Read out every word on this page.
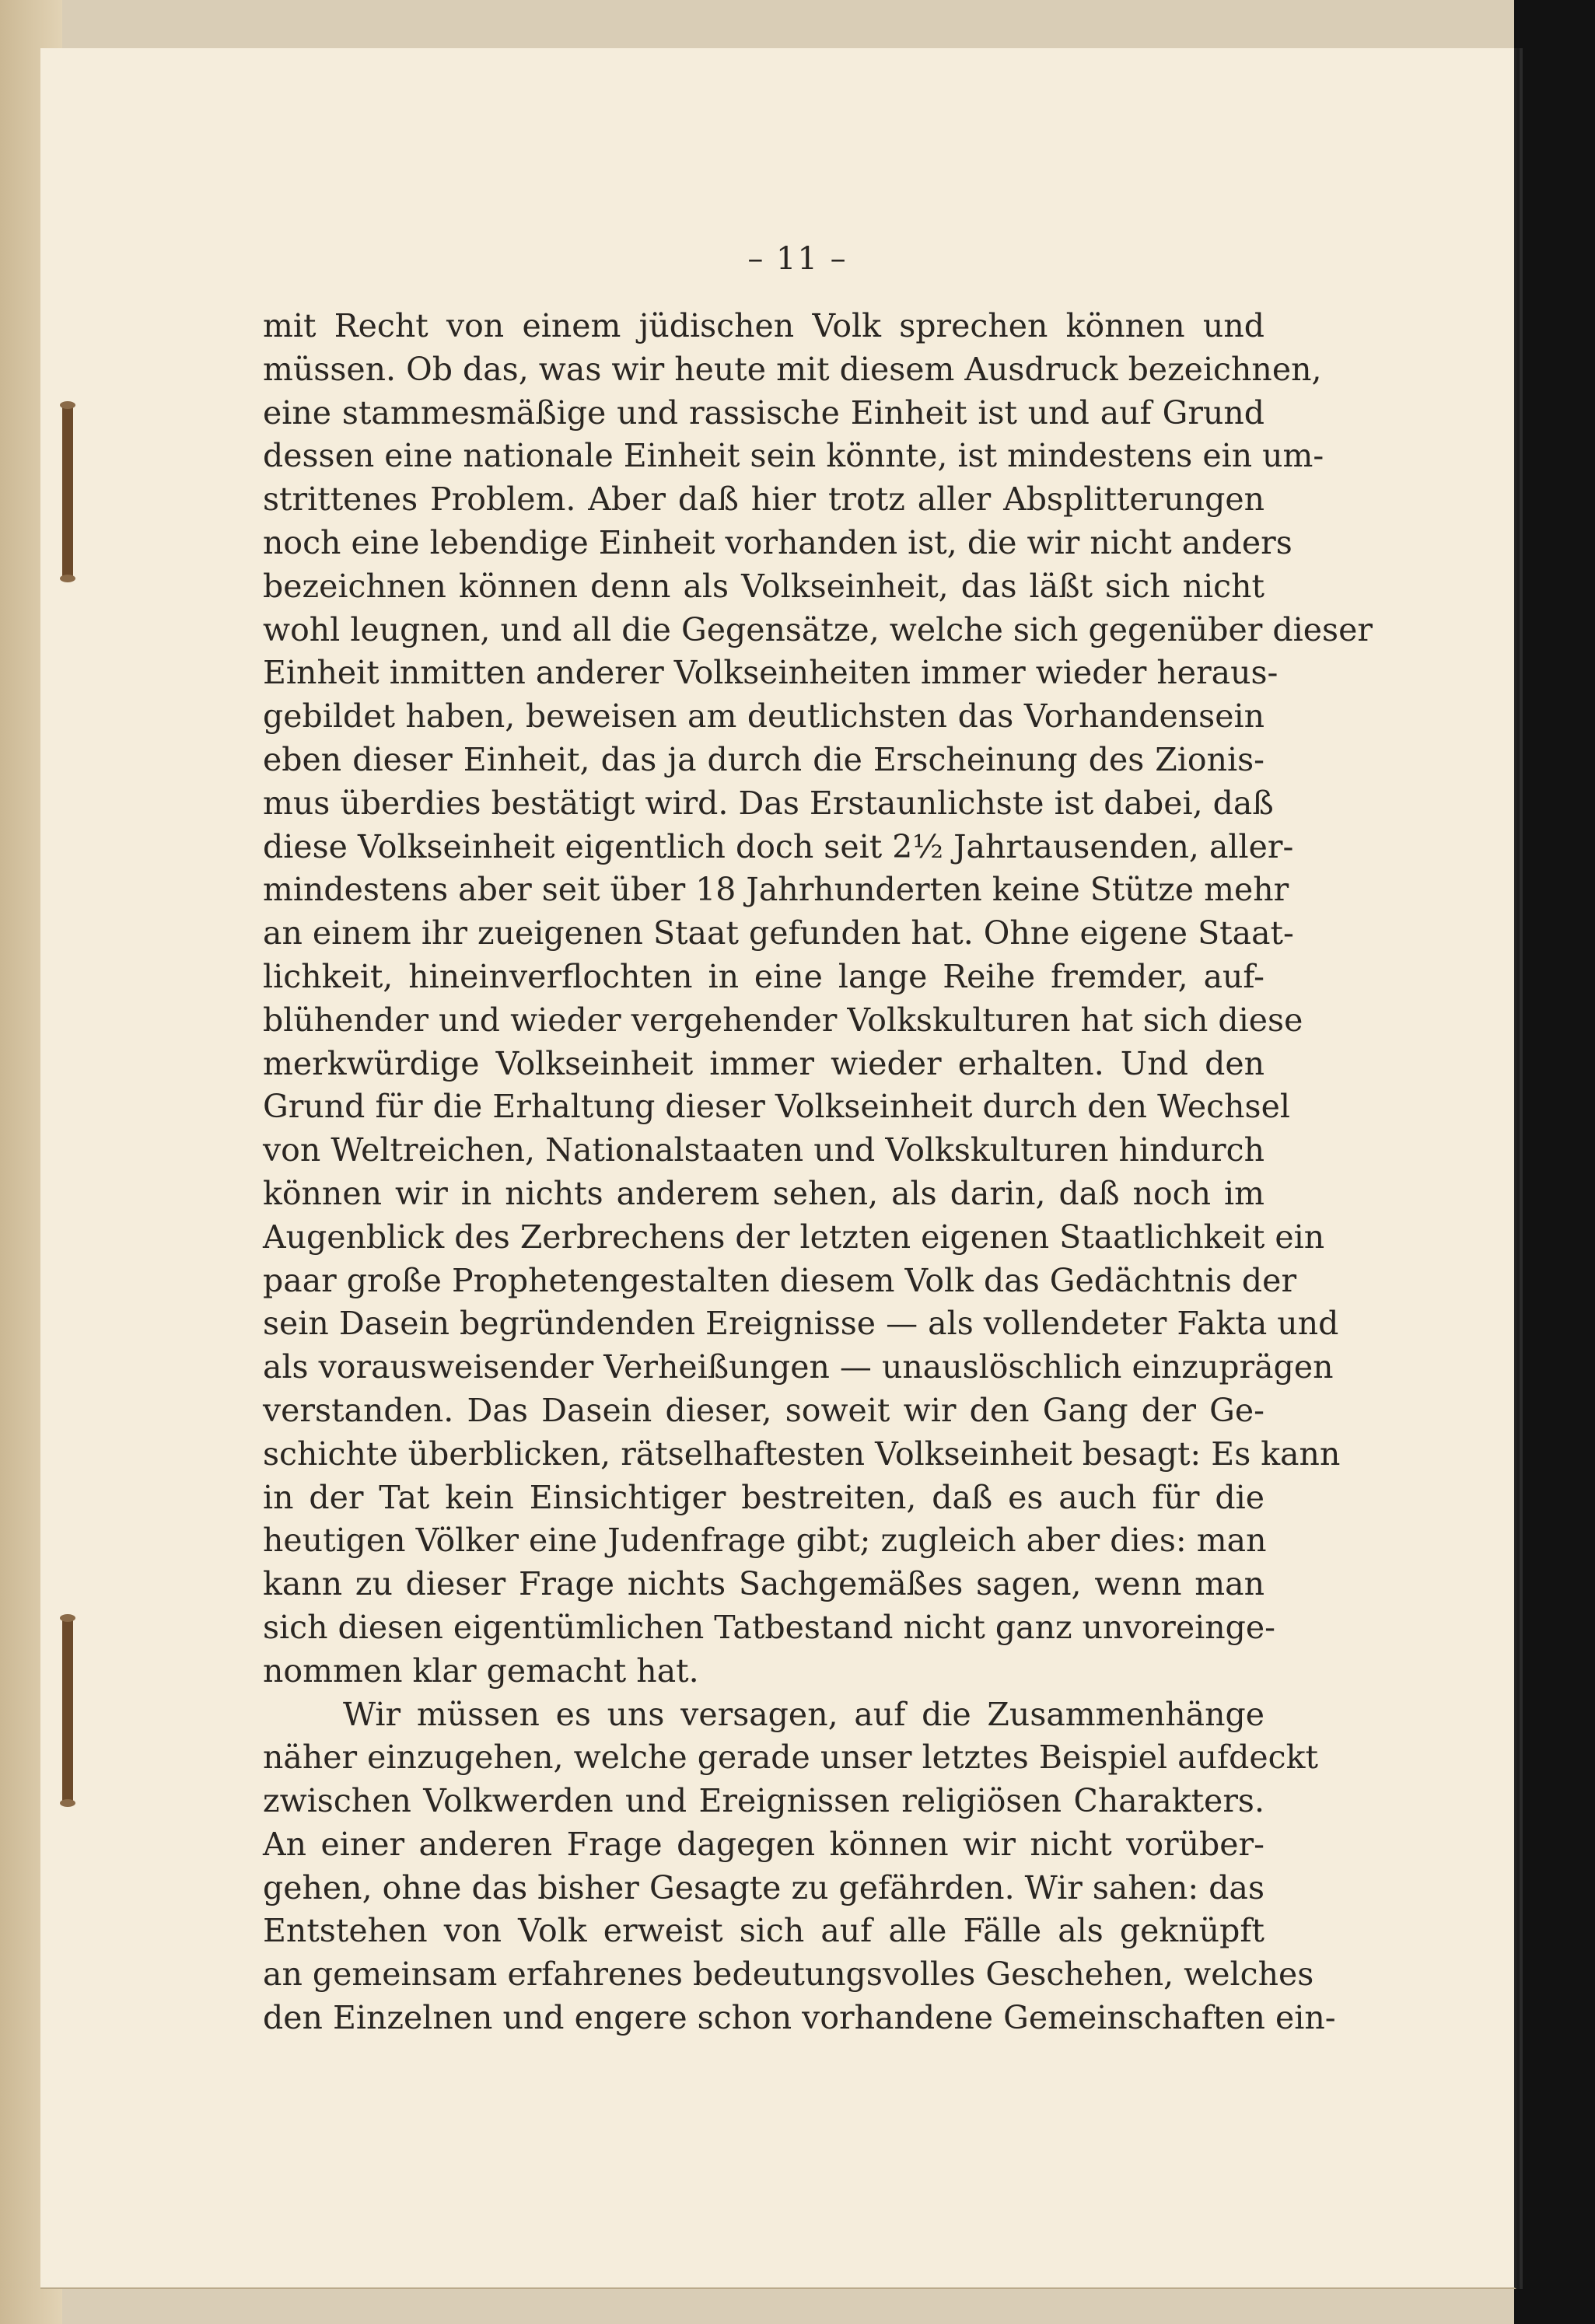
– 11 –
mit Recht von einem jüdischen Volk sprechen können und
müssen. Ob das, was wir heute mit diesem Ausdruck bezeichnen,
eine stammesmäßige und rassische Einheit ist und auf Grund
dessen eine nationale Einheit sein könnte, ist mindestens ein um-
strittenes Problem. Aber daß hier trotz aller Absplitterungen
noch eine lebendige Einheit vorhanden ist, die wir nicht anders
bezeichnen können denn als Volkseinheit, das läßt sich nicht
wohl leugnen, und all die Gegensätze, welche sich gegenüber dieser
Einheit inmitten anderer Volkseinheiten immer wieder heraus-
gebildet haben, beweisen am deutlichsten das Vorhandensein
eben dieser Einheit, das ja durch die Erscheinung des Zionis-
mus überdies bestätigt wird. Das Erstaunlichste ist dabei, daß
diese Volkseinheit eigentlich doch seit 2½ Jahrtausenden, aller-
mindestens aber seit über 18 Jahrhunderten keine Stütze mehr
an einem ihr zueigenen Staat gefunden hat. Ohne eigene Staat-
lichkeit, hineinverflochten in eine lange Reihe fremder, auf-
blühender und wieder vergehender Volkskulturen hat sich diese
merkwürdige Volkseinheit immer wieder erhalten. Und den
Grund für die Erhaltung dieser Volkseinheit durch den Wechsel
von Weltreichen, Nationalstaaten und Volkskulturen hindurch
können wir in nichts anderem sehen, als darin, daß noch im
Augenblick des Zerbrechens der letzten eigenen Staatlichkeit ein
paar große Prophetengestalten diesem Volk das Gedächtnis der
sein Dasein begründenden Ereignisse — als vollendeter Fakta und
als vorausweisender Verheißungen — unauslöschlich einzuprägen
verstanden. Das Dasein dieser, soweit wir den Gang der Ge-
schichte überblicken, rätselhaftesten Volkseinheit besagt: Es kann
in der Tat kein Einsichtiger bestreiten, daß es auch für die
heutigen Völker eine Judenfrage gibt; zugleich aber dies: man
kann zu dieser Frage nichts Sachgemäßes sagen, wenn man
sich diesen eigentümlichen Tatbestand nicht ganz unvoreinge-
nommen klar gemacht hat.
Wir müssen es uns versagen, auf die Zusammenhänge
näher einzugehen, welche gerade unser letztes Beispiel aufdeckt
zwischen Volkwerden und Ereignissen religiösen Charakters.
An einer anderen Frage dagegen können wir nicht vorüber-
gehen, ohne das bisher Gesagte zu gefährden. Wir sahen: das
Entstehen von Volk erweist sich auf alle Fälle als geknüpft
an gemeinsam erfahrenes bedeutungsvolles Geschehen, welches
den Einzelnen und engere schon vorhandene Gemeinschaften ein-
